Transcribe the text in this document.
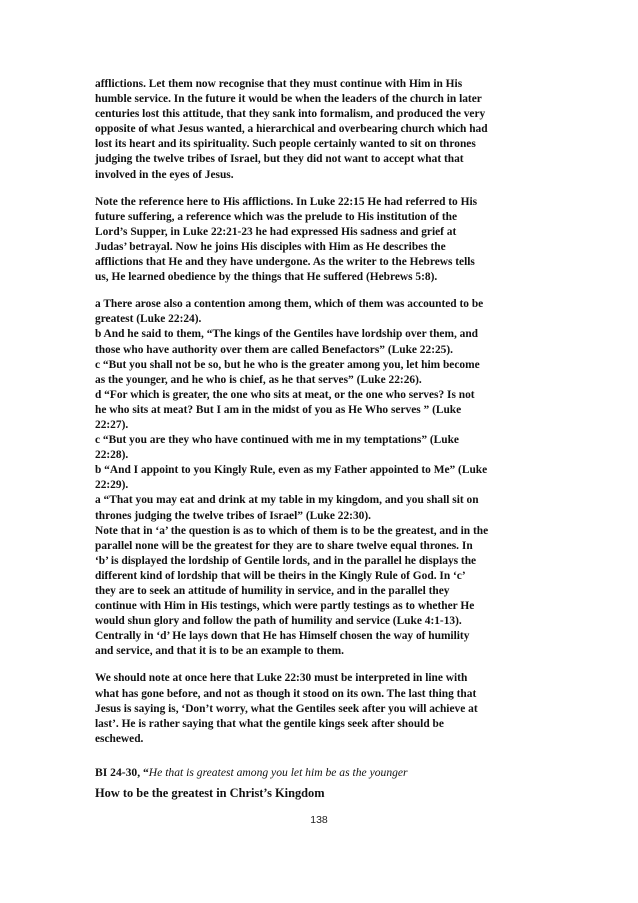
afflictions. Let them now recognise that they must continue with Him in His
humble service. In the future it would be when the leaders of the church in later
centuries lost this attitude, that they sank into formalism, and produced the very
opposite of what Jesus wanted, a hierarchical and overbearing church which had
lost its heart and its spirituality. Such people certainly wanted to sit on thrones
judging the twelve tribes of Israel, but they did not want to accept what that
involved in the eyes of Jesus.
Note the reference here to His afflictions. In Luke 22:15 He had referred to His
future suffering, a reference which was the prelude to His institution of the
Lord’s Supper, in Luke 22:21-23 he had expressed His sadness and grief at
Judas’ betrayal. Now he joins His disciples with Him as He describes the
afflictions that He and they have undergone. As the writer to the Hebrews tells
us, He learned obedience by the things that He suffered (Hebrews 5:8).
a There arose also a contention among them, which of them was accounted to be
greatest (Luke 22:24).
b And he said to them, “The kings of the Gentiles have lordship over them, and
those who have authority over them are called Benefactors” (Luke 22:25).
c “But you shall not be so, but he who is the greater among you, let him become
as the younger, and he who is chief, as he that serves” (Luke 22:26).
d “For which is greater, the one who sits at meat, or the one who serves? Is not
he who sits at meat? But I am in the midst of you as He Who serves ” (Luke
22:27).
c “But you are they who have continued with me in my temptations” (Luke
22:28).
b “And I appoint to you Kingly Rule, even as my Father appointed to Me” (Luke
22:29).
a “That you may eat and drink at my table in my kingdom, and you shall sit on
thrones judging the twelve tribes of Israel” (Luke 22:30).
Note that in ‘a’ the question is as to which of them is to be the greatest, and in the
parallel none will be the greatest for they are to share twelve equal thrones. In
‘b’ is displayed the lordship of Gentile lords, and in the parallel he displays the
different kind of lordship that will be theirs in the Kingly Rule of God. In ‘c’
they are to seek an attitude of humility in service, and in the parallel they
continue with Him in His testings, which were partly testings as to whether He
would shun glory and follow the path of humility and service (Luke 4:1-13).
Centrally in ‘d’ He lays down that He has Himself chosen the way of humility
and service, and that it is to be an example to them.
We should note at once here that Luke 22:30 must be interpreted in line with
what has gone before, and not as though it stood on its own. The last thing that
Jesus is saying is, ‘Don’t worry, what the Gentiles seek after you will achieve at
last’. He is rather saying that what the gentile kings seek after should be
eschewed.
BI 24-30, “He that is greatest among you let him be as the younger
How to be the greatest in Christ’s Kingdom
138
